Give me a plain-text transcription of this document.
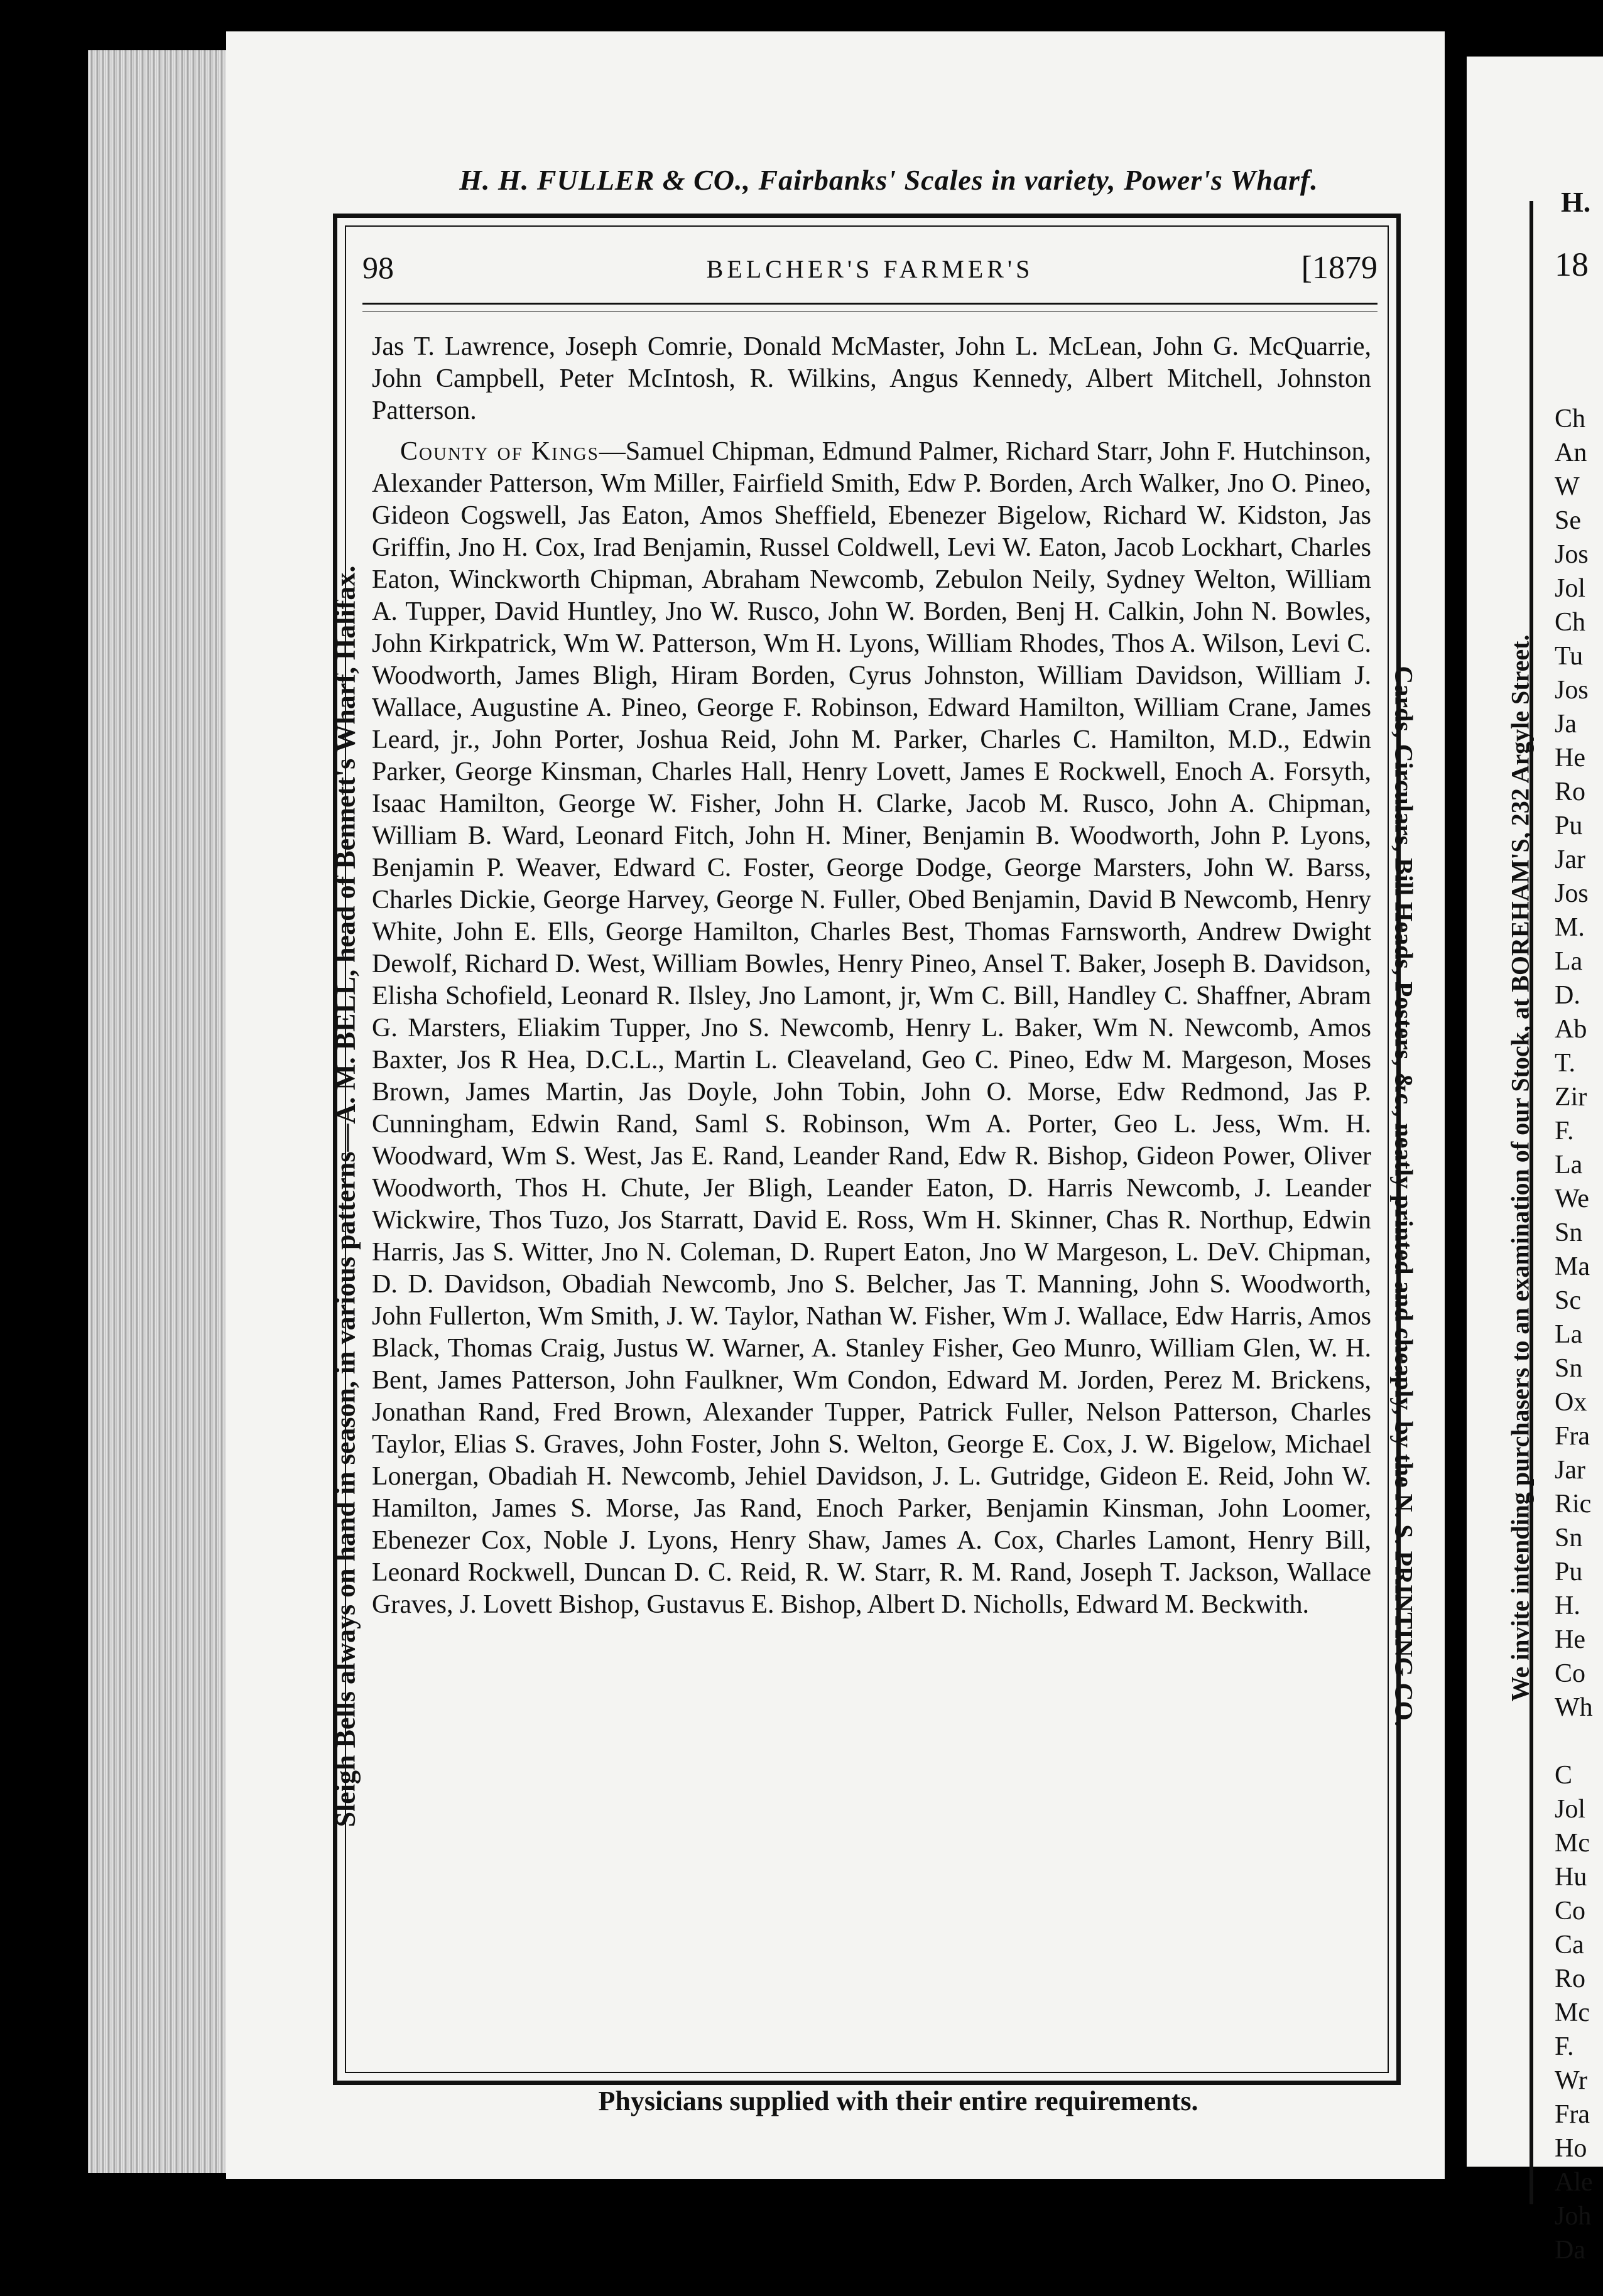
H. H. FULLER & CO., Fairbanks' Scales in variety, Power's Wharf.
Sleigh Bells always on hand in season, in various patterns—A. M. BELL, head of Bennett's Wharf, Halifax.	Cards, Circulars, Bill Heads, Posters, &c., neatly printed and cheaply, by the N. S. PRINTING CO.
98	BELCHER'S FARMER'S	[1879

Jas T. Lawrence, Joseph Comrie, Donald McMaster, John L. McLean, John G. McQuarrie, John Campbell, Peter McIntosh, R. Wilkins, Angus Kennedy, Albert Mitchell, Johnston Patterson.

County of Kings—Samuel Chipman, Edmund Palmer, Richard Starr, John F. Hutchinson, Alexander Patterson, Wm Miller, Fairfield Smith, Edw P. Borden, Arch Walker, Jno O. Pineo, Gideon Cogswell, Jas Eaton, Amos Sheffield, Ebenezer Bigelow, Richard W. Kidston, Jas Griffin, Jno H. Cox, Irad Benjamin, Russel Coldwell, Levi W. Eaton, Jacob Lockhart, Charles Eaton, Winckworth Chipman, Abraham Newcomb, Zebulon Neily, Sydney Welton, William A. Tupper, David Huntley, Jno W. Rusco, John W. Borden, Benj H. Calkin, John N. Bowles, John Kirkpatrick, Wm W. Patterson, Wm H. Lyons, William Rhodes, Thos A. Wilson, Levi C. Woodworth, James Bligh, Hiram Borden, Cyrus Johnston, William Davidson, William J. Wallace, Augustine A. Pineo, George F. Robinson, Edward Hamilton, William Crane, James Leard, jr., John Porter, Joshua Reid, John M. Parker, Charles C. Hamilton, M.D., Edwin Parker, George Kinsman, Charles Hall, Henry Lovett, James E Rockwell, Enoch A. Forsyth, Isaac Hamilton, George W. Fisher, John H. Clarke, Jacob M. Rusco, John A. Chipman, William B. Ward, Leonard Fitch, John H. Miner, Benjamin B. Woodworth, John P. Lyons, Benjamin P. Weaver, Edward C. Foster, George Dodge, George Marsters, John W. Barss, Charles Dickie, George Harvey, George N. Fuller, Obed Benjamin, David B Newcomb, Henry White, John E. Ells, George Hamilton, Charles Best, Thomas Farnsworth, Andrew Dwight Dewolf, Richard D. West, William Bowles, Henry Pineo, Ansel T. Baker, Joseph B. Davidson, Elisha Schofield, Leonard R. Ilsley, Jno Lamont, jr, Wm C. Bill, Handley C. Shaffner, Abram G. Marsters, Eliakim Tupper, Jno S. Newcomb, Henry L. Baker, Wm N. Newcomb, Amos Baxter, Jos R Hea, D.C.L., Martin L. Cleaveland, Geo C. Pineo, Edw M. Margeson, Moses Brown, James Martin, Jas Doyle, John Tobin, John O. Morse, Edw Redmond, Jas P. Cunningham, Edwin Rand, Saml S. Robinson, Wm A. Porter, Geo L. Jess, Wm. H. Woodward, Wm S. West, Jas E. Rand, Leander Rand, Edw R. Bishop, Gideon Power, Oliver Woodworth, Thos H. Chute, Jer Bligh, Leander Eaton, D. Harris Newcomb, J. Leander Wickwire, Thos Tuzo, Jos Starratt, David E. Ross, Wm H. Skinner, Chas R. Northup, Edwin Harris, Jas S. Witter, Jno N. Coleman, D. Rupert Eaton, Jno W Margeson, L. DeV. Chipman, D. D. Davidson, Obadiah Newcomb, Jno S. Belcher, Jas T. Manning, John S. Woodworth, John Fullerton, Wm Smith, J. W. Taylor, Nathan W. Fisher, Wm J. Wallace, Edw Harris, Amos Black, Thomas Craig, Justus W. Warner, A. Stanley Fisher, Geo Munro, William Glen, W. H. Bent, James Patterson, John Faulkner, Wm Condon, Edward M. Jorden, Perez M. Brickens, Jonathan Rand, Fred Brown, Alexander Tupper, Patrick Fuller, Nelson Patterson, Charles Taylor, Elias S. Graves, John Foster, John S. Welton, George E. Cox, J. W. Bigelow, Michael Lonergan, Obadiah H. Newcomb, Jehiel Davidson, J. L. Gutridge, Gideon E. Reid, John W. Hamilton, James S. Morse, Jas Rand, Enoch Parker, Benjamin Kinsman, John Loomer, Ebenezer Cox, Noble J. Lyons, Henry Shaw, James A. Cox, Charles Lamont, Henry Bill, Leonard Rockwell, Duncan D. C. Reid, R. W. Starr, R. M. Rand, Joseph T. Jackson, Wallace Graves, J. Lovett Bishop, Gustavus E. Bishop, Albert D. Nicholls, Edward M. Beckwith.

Physicians supplied with their entire requirements.
H.
We invite intending purchasers to an examination of our Stock, at BOREHAM'S, 232 Argyle Street.
18
Ch
An
W
Se
Jos
Jol
Ch
Tu
Jos
Ja
He
Ro
Pu
Jar
Jos
M.
La
D.
Ab
T.
Zir
F.
La
We
Sn
Ma
Sc
La
Sn
Ox
Fra
Jar
Ric
Sn
Pu
H.
He
Co
Wh
C
Jol
Mc
Hu
Co
Ca
Ro
Mc
F.
Wr
Fra
Ho
Ale
Joh
Da
